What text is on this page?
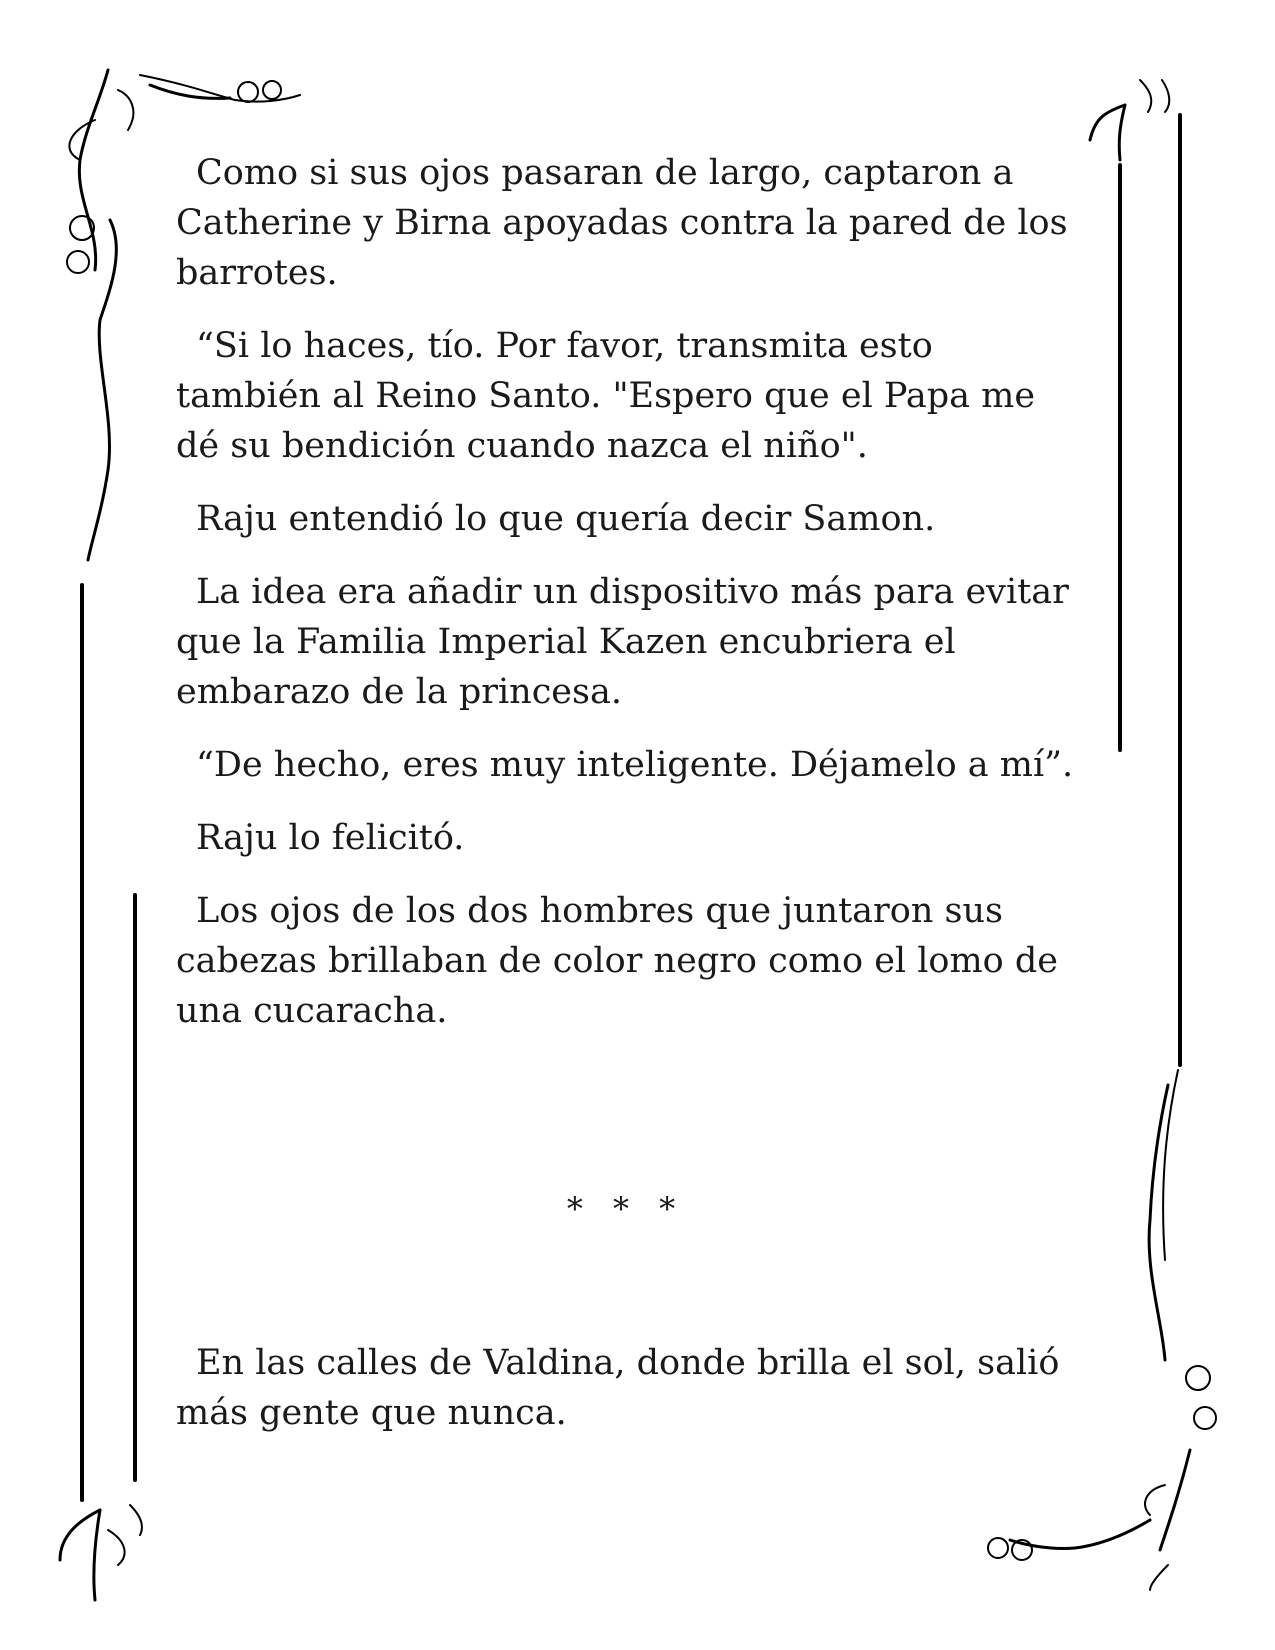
Como si sus ojos pasaran de largo, captaron a Catherine y Birna apoyadas contra la pared de los barrotes.

“Si lo haces, tío. Por favor, transmita esto también al Reino Santo. "Espero que el Papa me dé su bendición cuando nazca el niño".

Raju entendió lo que quería decir Samon.

La idea era añadir un dispositivo más para evitar que la Familia Imperial Kazen encubriera el embarazo de la princesa.

“De hecho, eres muy inteligente. Déjamelo a mí”.

Raju lo felicitó.

Los ojos de los dos hombres que juntaron sus cabezas brillaban de color negro como el lomo de una cucaracha.

* * *

En las calles de Valdina, donde brilla el sol, salió más gente que nunca.
